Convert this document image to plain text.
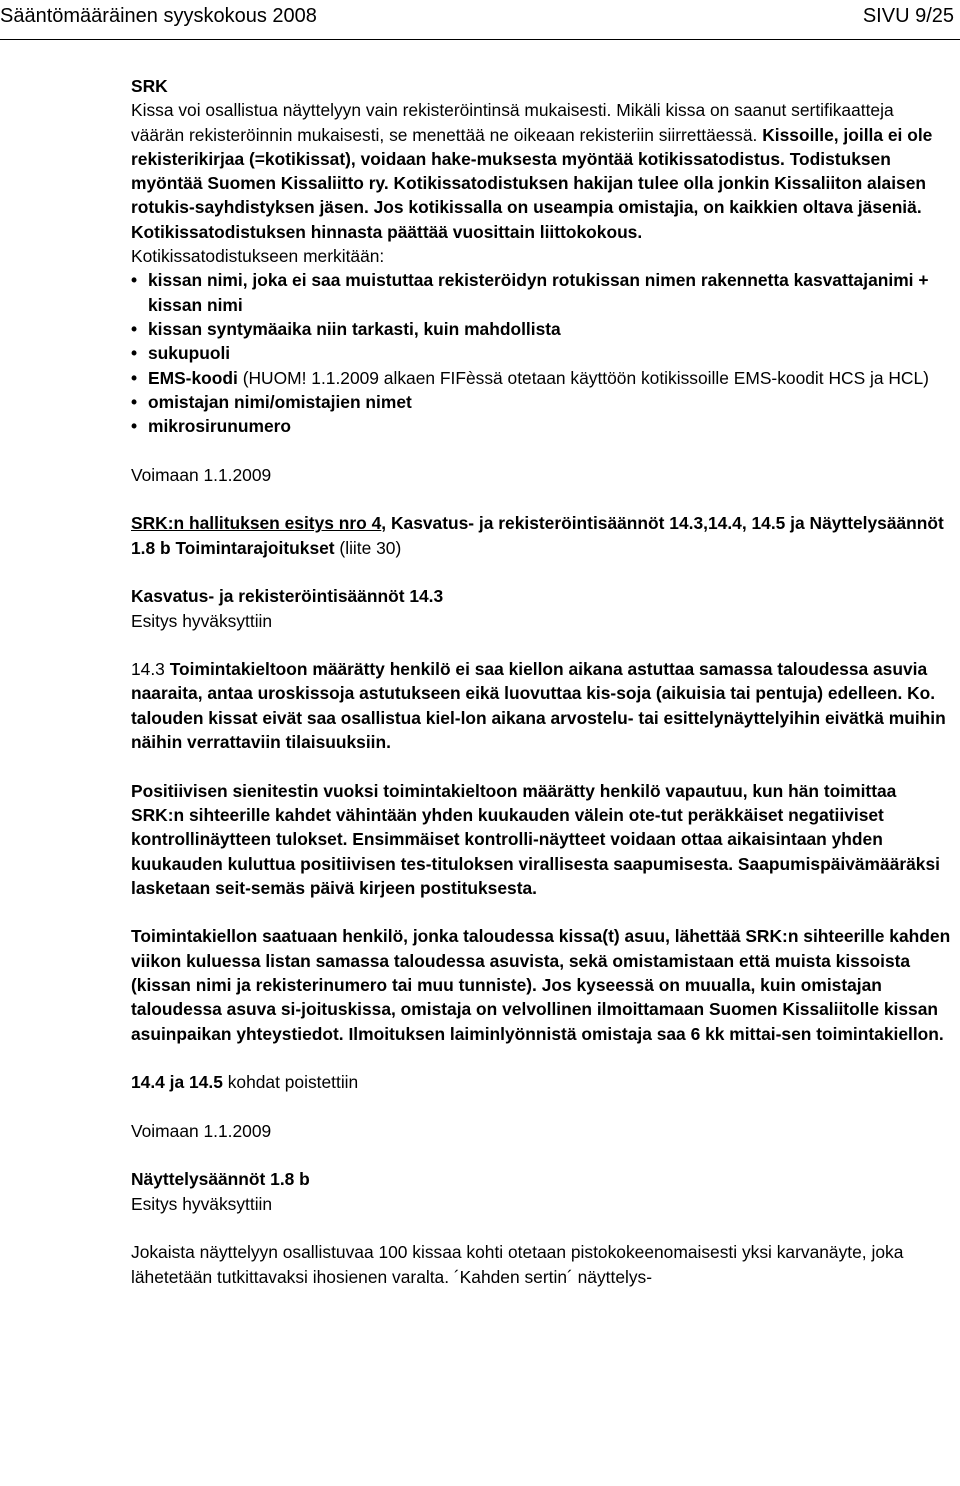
Sääntömääräinen syyskokous 2008	SIVU 9/25

SRK

Kissa voi osallistua näyttelyyn vain rekisteröintinsä mukaisesti. Mikäli kissa on saanut sertifikaatteja väärän rekisteröinnin mukaisesti, se menettää ne oikeaan rekisteriin siirrettäessä. Kissoille, joilla ei ole rekisterikirjaa (=kotikissat), voidaan hake-muksesta myöntää kotikissatodistus. Todistuksen myöntää Suomen Kissaliitto ry. Kotikissatodistuksen hakijan tulee olla jonkin Kissaliiton alaisen rotukis-sayhdistyksen jäsen. Jos kotikissalla on useampia omistajia, on kaikkien oltava jäseniä. Kotikissatodistuksen hinnasta päättää vuosittain liittokokous.

Kotikissatodistukseen merkitään:

• kissan nimi, joka ei saa muistuttaa rekisteröidyn rotukissan nimen rakennetta kasvattajanimi + kissan nimi
• kissan syntymäaika niin tarkasti, kuin mahdollista
• sukupuoli
• EMS-koodi (HUOM! 1.1.2009 alkaen FIFèssä otetaan käyttöön kotikissoille EMS-koodit HCS ja HCL)
• omistajan nimi/omistajien nimet
• mikrosirunumero

Voimaan 1.1.2009

SRK:n hallituksen esitys nro 4, Kasvatus- ja rekisteröintisäännöt 14.3,14.4, 14.5 ja Näyttelysäännöt 1.8 b Toimintarajoitukset (liite 30)

Kasvatus- ja rekisteröintisäännöt 14.3

Esitys hyväksyttiin

14.3 Toimintakieltoon määrätty henkilö ei saa kiellon aikana astuttaa samassa taloudessa asuvia naaraita, antaa uroskissoja astutukseen eikä luovuttaa kis-soja (aikuisia tai pentuja) edelleen. Ko. talouden kissat eivät saa osallistua kiel-lon aikana arvostelu- tai esittelynäyttelyihin eivätkä muihin näihin verrattaviin tilaisuuksiin.

Positiivisen sienitestin vuoksi toimintakieltoon määrätty henkilö vapautuu, kun hän toimittaa SRK:n sihteerille kahdet vähintään yhden kuukauden välein ote-tut peräkkäiset negatiiviset kontrollinäytteen tulokset. Ensimmäiset kontrolli-näytteet voidaan ottaa aikaisintaan yhden kuukauden kuluttua positiivisen tes-tituloksen virallisesta saapumisesta. Saapumispäivämääräksi lasketaan seit-semäs päivä kirjeen postituksesta.

Toimintakiellon saatuaan henkilö, jonka taloudessa kissa(t) asuu, lähettää SRK:n sihteerille kahden viikon kuluessa listan samassa taloudessa asuvista, sekä omistamistaan että muista kissoista (kissan nimi ja rekisterinumero tai muu tunniste). Jos kyseessä on muualla, kuin omistajan taloudessa asuva si-joituskissa, omistaja on velvollinen ilmoittamaan Suomen Kissaliitolle kissan asuinpaikan yhteystiedot. Ilmoituksen laiminlyönnistä omistaja saa 6 kk mittai-sen toimintakiellon.

14.4 ja 14.5 kohdat poistettiin

Voimaan 1.1.2009

Näyttelysäännöt 1.8 b

Esitys hyväksyttiin

Jokaista näyttelyyn osallistuvaa 100 kissaa kohti otetaan pistokokeenomaisesti yksi karvanäyte, joka lähetetään tutkittavaksi ihosienen varalta. ´Kahden sertin´ näyttelys-
